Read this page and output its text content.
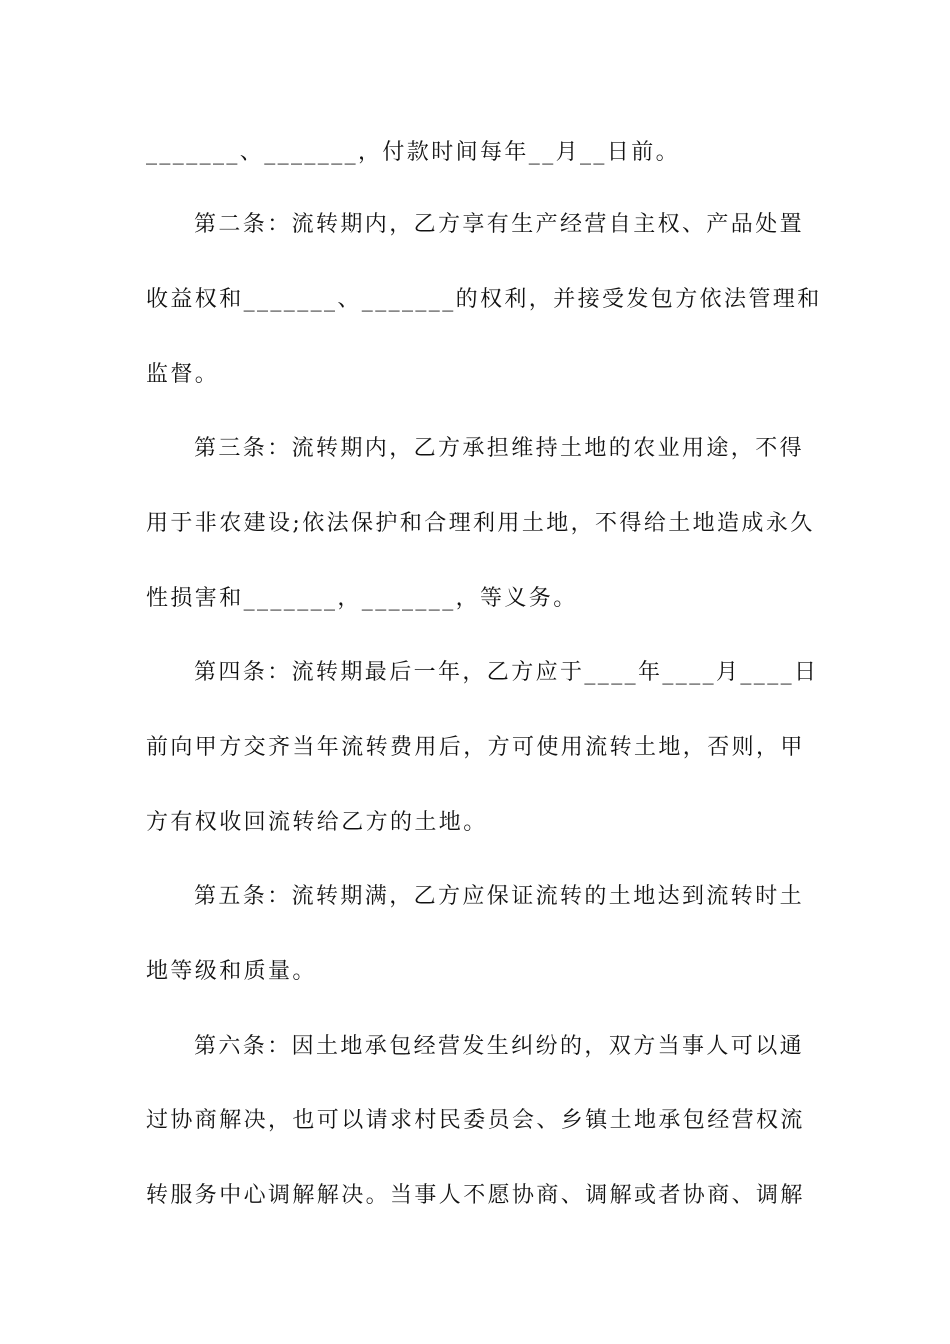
_______、_______，付款时间每年__月__日前。
第二条：流转期内，乙方享有生产经营自主权、产品处置
收益权和_______、_______的权利，并接受发包方依法管理和
监督。
第三条：流转期内，乙方承担维持土地的农业用途，不得
用于非农建设;依法保护和合理利用土地，不得给土地造成永久
性损害和_______，_______，等义务。
第四条：流转期最后一年，乙方应于____年____月____日
前向甲方交齐当年流转费用后，方可使用流转土地，否则，甲
方有权收回流转给乙方的土地。
第五条：流转期满，乙方应保证流转的土地达到流转时土
地等级和质量。
第六条：因土地承包经营发生纠纷的，双方当事人可以通
过协商解决，也可以请求村民委员会、乡镇土地承包经营权流
转服务中心调解解决。当事人不愿协商、调解或者协商、调解
